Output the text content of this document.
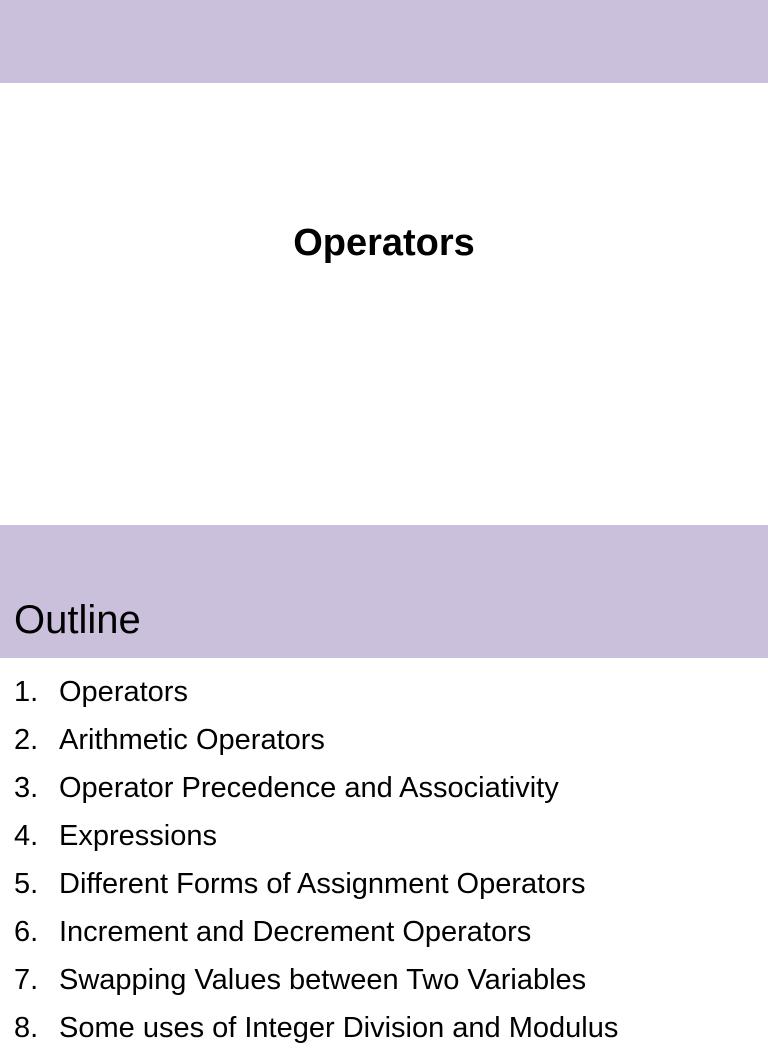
Operators
Outline
1. Operators
2. Arithmetic Operators
3. Operator Precedence and Associativity
4. Expressions
5. Different Forms of Assignment Operators
6. Increment and Decrement Operators
7. Swapping Values between Two Variables
8. Some uses of Integer Division and Modulus
